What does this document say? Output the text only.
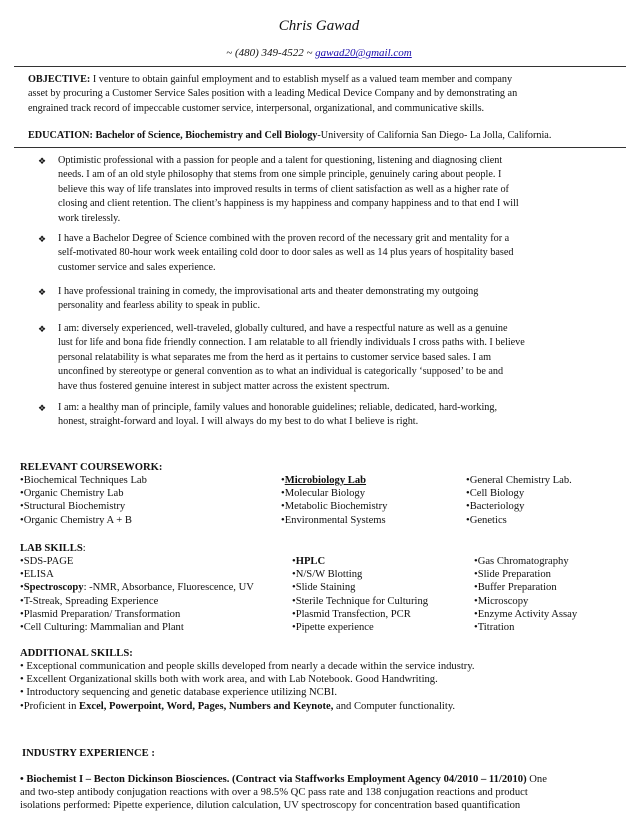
Chris Gawad
~ (480) 349-4522 ~ gawad20@gmail.com
OBJECTIVE: I venture to obtain gainful employment and to establish myself as a valued team member and company
asset by procuring a Customer Service Sales position with a leading Medical Device Company and by demonstrating an
engrained track record of impeccable customer service, interpersonal, organizational, and communicative skills.
EDUCATION: Bachelor of Science, Biochemistry and Cell Biology-University of California San Diego- La Jolla, California.
❖ Optimistic professional with a passion for people and a talent for questioning, listening and diagnosing client
needs. I am of an old style philosophy that stems from one simple principle, genuinely caring about people. I
believe this way of life translates into improved results in terms of client satisfaction as well as a higher rate of
closing and client retention. The client’s happiness is my happiness and company happiness and to that end I will
work tirelessly.
❖ I have a Bachelor Degree of Science combined with the proven record of the necessary grit and mentality for a
self-motivated 80-hour work week entailing cold door to door sales as well as 14 plus years of hospitality based
customer service and sales experience.
❖ I have professional training in comedy, the improvisational arts and theater demonstrating my outgoing
personality and fearless ability to speak in public.
❖ I am: diversely experienced, well-traveled, globally cultured, and have a respectful nature as well as a genuine
lust for life and bona fide friendly connection. I am relatable to all friendly individuals I cross paths with. I believe
personal relatability is what separates me from the herd as it pertains to customer service based sales. I am
unconfined by stereotype or general convention as to what an individual is categorically ‘supposed’ to be and
have thus fostered genuine interest in subject matter across the existent spectrum.
❖ I am: a healthy man of principle, family values and honorable guidelines; reliable, dedicated, hard-working,
honest, straight-forward and loyal. I will always do my best to do what I believe is right.
RELEVANT COURSEWORK:
•Biochemical Techniques Lab
•Organic Chemistry Lab
•Structural Biochemistry
•Organic Chemistry A + B
•Microbiology Lab
•Molecular Biology
•Metabolic Biochemistry
•Environmental Systems
•General Chemistry Lab.
•Cell Biology
•Bacteriology
•Genetics
LAB SKILLS:
•SDS-PAGE
•ELISA
•Spectroscopy: -NMR, Absorbance, Fluorescence, UV
•T-Streak, Spreading Experience
•Plasmid Preparation/ Transformation
•Cell Culturing: Mammalian and Plant
•HPLC
•N/S/W Blotting
•Slide Staining
•Sterile Technique for Culturing
•Plasmid Transfection, PCR
•Pipette experience
•Gas Chromatography
•Slide Preparation
•Buffer Preparation
•Microscopy
•Enzyme Activity Assay
•Titration
ADDITIONAL SKILLS:
• Exceptional communication and people skills developed from nearly a decade within the service industry.
• Excellent Organizational skills both with work area, and with Lab Notebook. Good Handwriting.
• Introductory sequencing and genetic database experience utilizing NCBI.
•Proficient in Excel, Powerpoint, Word, Pages, Numbers and Keynote, and Computer functionality.
INDUSTRY EXPERIENCE :
• Biochemist I – Becton Dickinson Biosciences. (Contract via Staffworks Employment Agency 04/2010 – 11/2010) One
and two-step antibody conjugation reactions with over a 98.5% QC pass rate and 138 conjugation reactions and product
isolations performed: Pipette experience, dilution calculation, UV spectroscopy for concentration based quantification
